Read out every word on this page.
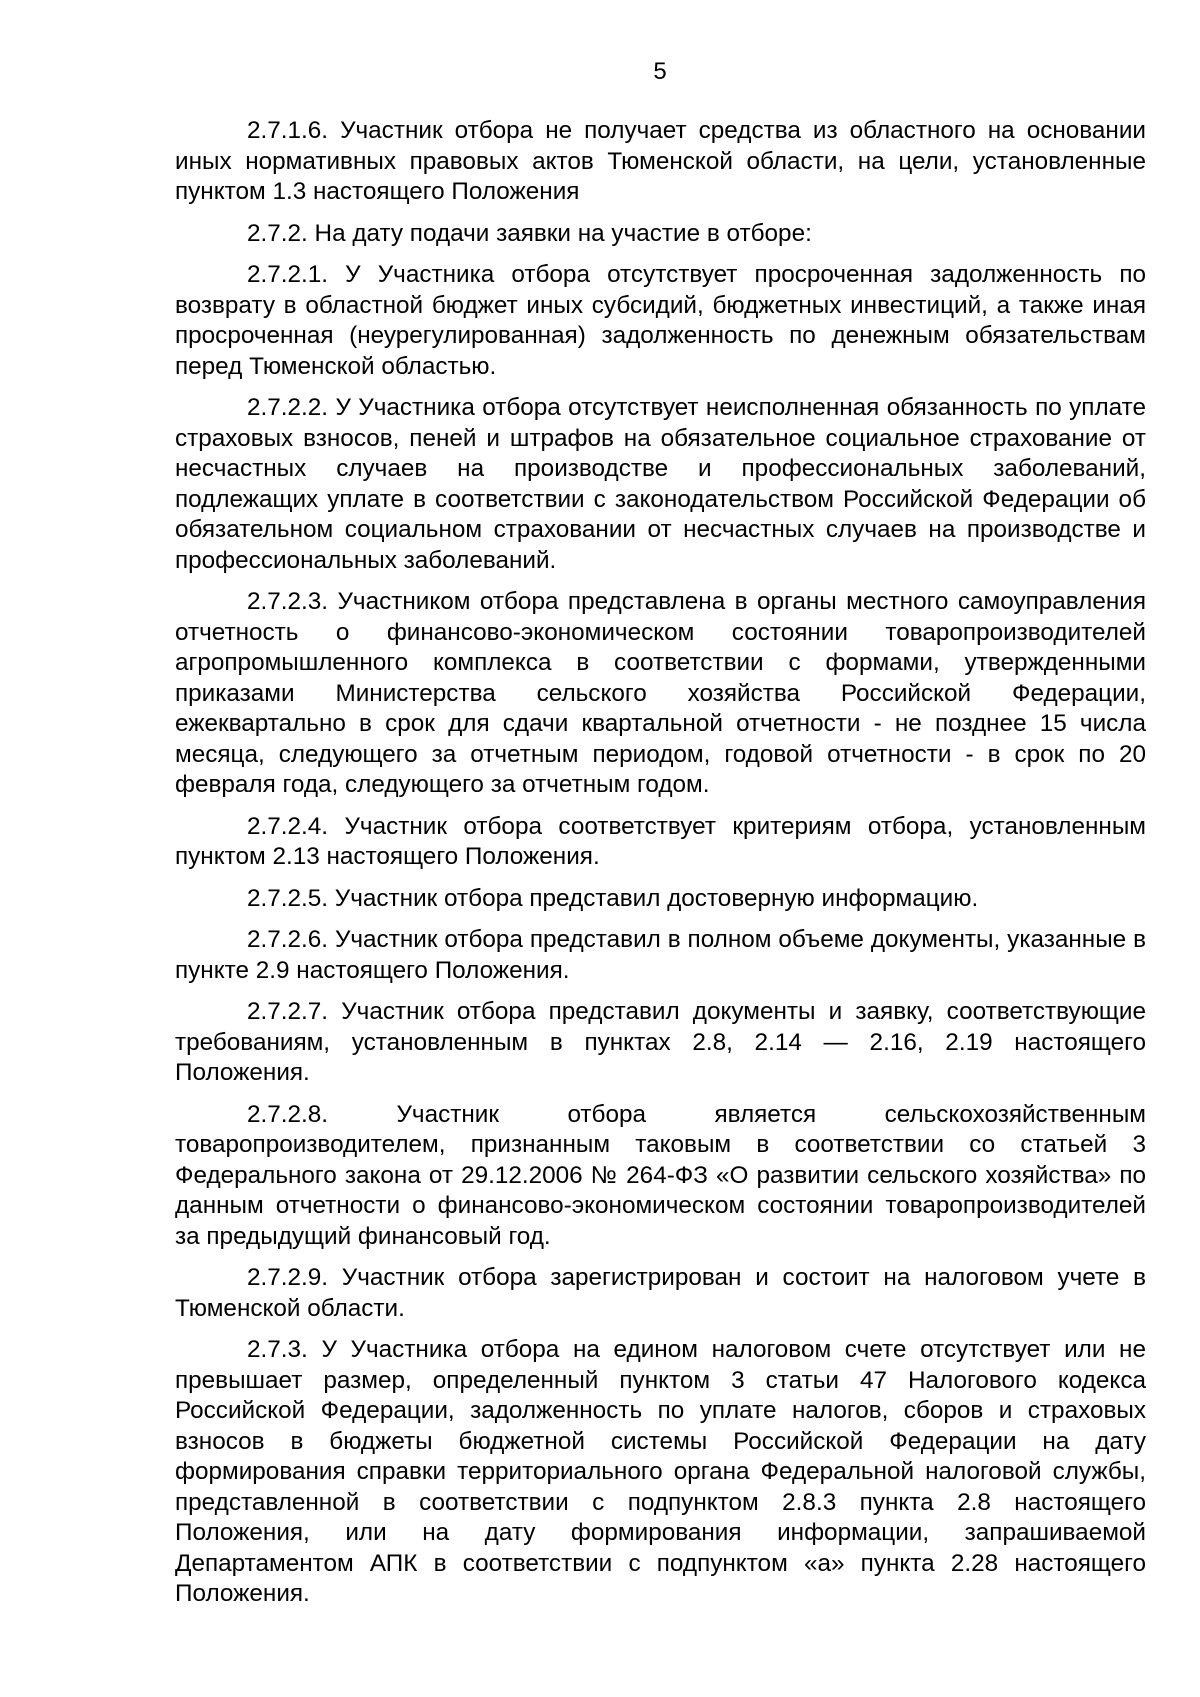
5

2.7.1.6. Участник отбора не получает средства из областного на основании иных нормативных правовых актов Тюменской области, на цели, установленные пунктом 1.3 настоящего Положения

2.7.2. На дату подачи заявки на участие в отборе:

2.7.2.1. У Участника отбора отсутствует просроченная задолженность по возврату в областной бюджет иных субсидий, бюджетных инвестиций, а также иная просроченная (неурегулированная) задолженность по денежным обязательствам перед Тюменской областью.

2.7.2.2. У Участника отбора отсутствует неисполненная обязанность по уплате страховых взносов, пеней и штрафов на обязательное социальное страхование от несчастных случаев на производстве и профессиональных заболеваний, подлежащих уплате в соответствии с законодательством Российской Федерации об обязательном социальном страховании от несчастных случаев на производстве и профессиональных заболеваний.

2.7.2.3. Участником отбора представлена в органы местного самоуправления отчетность о финансово-экономическом состоянии товаропроизводителей агропромышленного комплекса в соответствии с формами, утвержденными приказами Министерства сельского хозяйства Российской Федерации, ежеквартально в срок для сдачи квартальной отчетности - не позднее 15 числа месяца, следующего за отчетным периодом, годовой отчетности - в срок по 20 февраля года, следующего за отчетным годом.

2.7.2.4. Участник отбора соответствует критериям отбора, установленным пунктом 2.13 настоящего Положения.

2.7.2.5. Участник отбора представил достоверную информацию.

2.7.2.6. Участник отбора представил в полном объеме документы, указанные в пункте 2.9 настоящего Положения.

2.7.2.7. Участник отбора представил документы и заявку, соответствующие требованиям, установленным в пунктах 2.8, 2.14 — 2.16, 2.19 настоящего Положения.

2.7.2.8. Участник отбора является сельскохозяйственным товаропроизводителем, признанным таковым в соответствии со статьей 3 Федерального закона от 29.12.2006 № 264-ФЗ «О развитии сельского хозяйства» по данным отчетности о финансово-экономическом состоянии товаропроизводителей за предыдущий финансовый год.

2.7.2.9. Участник отбора зарегистрирован и состоит на налоговом учете в Тюменской области.

2.7.3. У Участника отбора на едином налоговом счете отсутствует или не превышает размер, определенный пунктом 3 статьи 47 Налогового кодекса Российской Федерации, задолженность по уплате налогов, сборов и страховых взносов в бюджеты бюджетной системы Российской Федерации на дату формирования справки территориального органа Федеральной налоговой службы, представленной в соответствии с подпунктом 2.8.3 пункта 2.8 настоящего Положения, или на дату формирования информации, запрашиваемой Департаментом АПК в соответствии с подпунктом «а» пункта 2.28 настоящего Положения.
